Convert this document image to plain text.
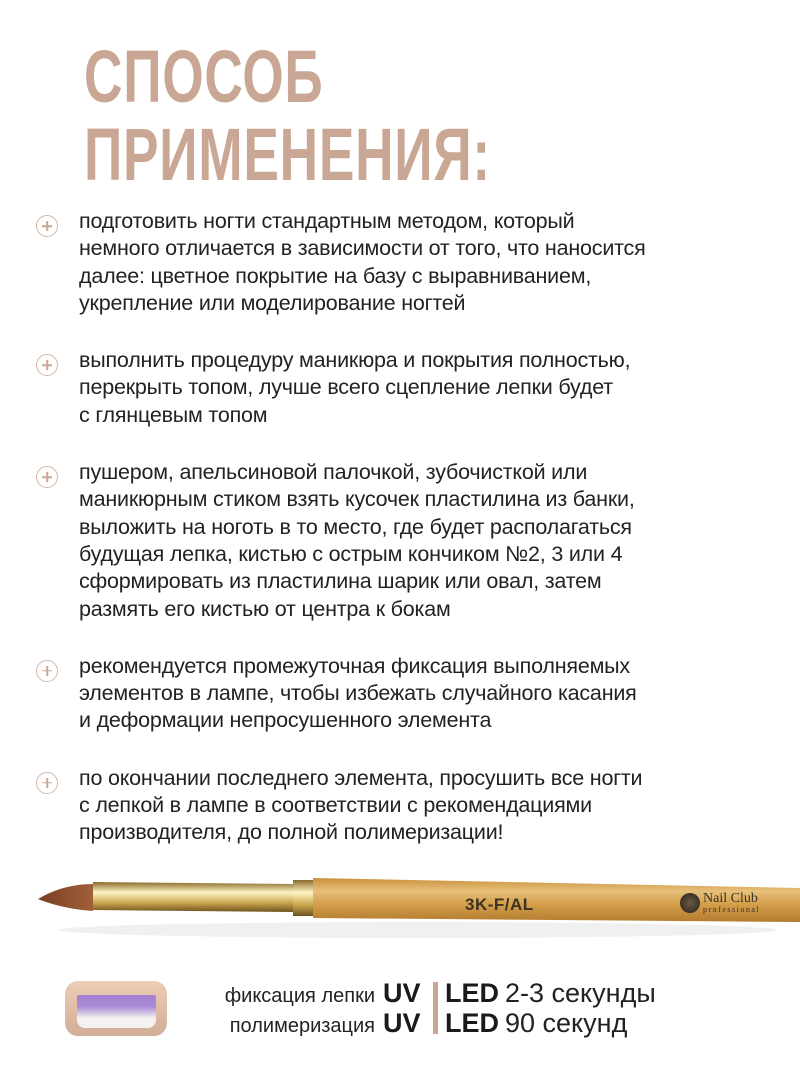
СПОСОБ
ПРИМЕНЕНИЯ:
подготовить ногти стандартным методом, который
немного отличается в зависимости от того, что наносится
далее: цветное покрытие на базу с выравниванием,
укрепление или моделирование ногтей
выполнить процедуру маникюра и покрытия полностью,
перекрыть топом, лучше всего сцепление лепки будет
с глянцевым топом
пушером, апельсиновой палочкой, зубочисткой или
маникюрным стиком взять кусочек пластилина из банки,
выложить на ноготь в то место, где будет располагаться
будущая лепка, кистью с острым кончиком №2, 3 или 4
сформировать из пластилина шарик или овал, затем
размять его кистью от центра к бокам
рекомендуется промежуточная фиксация выполняемых
элементов в лампе, чтобы избежать случайного касания
и деформации непросушенного элемента
по окончании последнего элемента, просушить все ногти
с лепкой в лампе в соответствии с рекомендациями
производителя, до полной полимеризации!
3K-F/AL	Nail Club
professional
фиксация лепки UV LED 2-3 секунды
полимеризация UV LED 90 секунд
